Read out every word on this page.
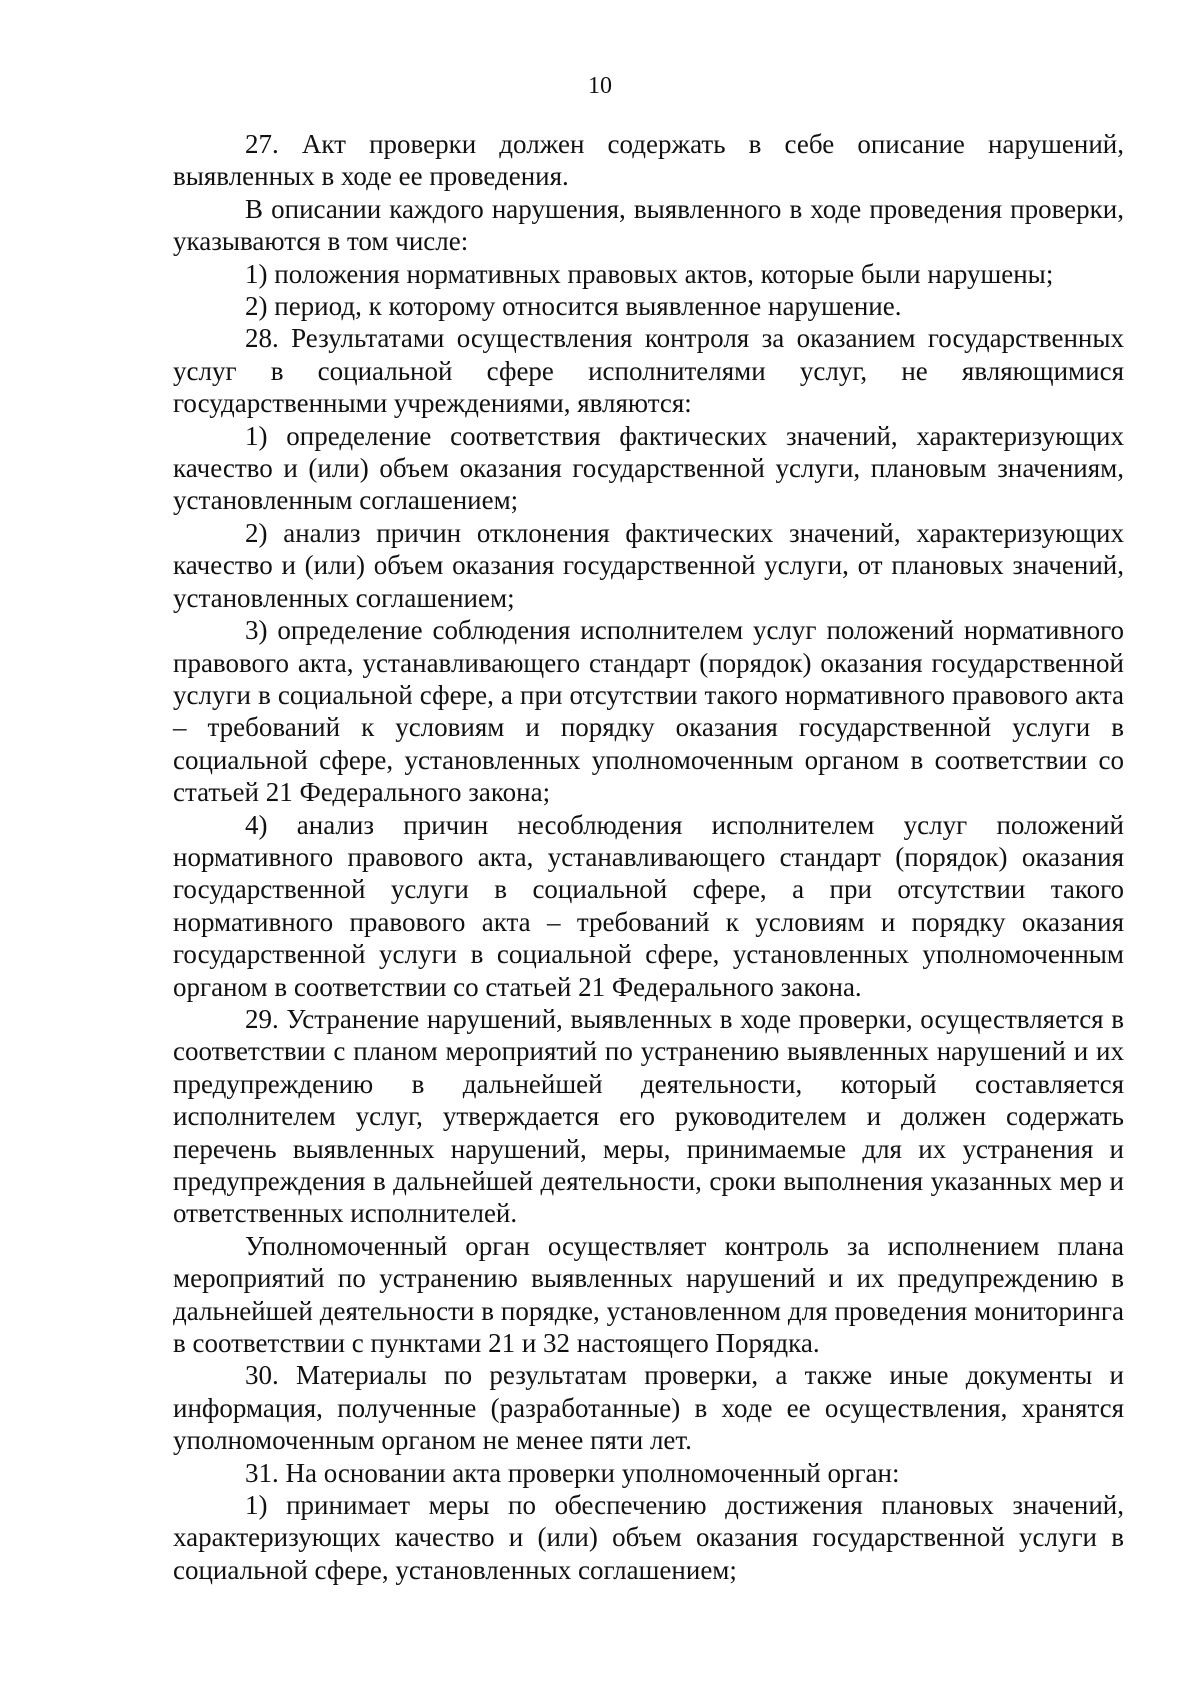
10

27. Акт проверки должен содержать в себе описание нарушений, выявленных в ходе ее проведения.

В описании каждого нарушения, выявленного в ходе проведения проверки, указываются в том числе:

1) положения нормативных правовых актов, которые были нарушены;

2) период, к которому относится выявленное нарушение.

28. Результатами осуществления контроля за оказанием государственных услуг в социальной сфере исполнителями услуг, не являющимися государственными учреждениями, являются:

1) определение соответствия фактических значений, характеризующих качество и (или) объем оказания государственной услуги, плановым значениям, установленным соглашением;

2) анализ причин отклонения фактических значений, характеризующих качество и (или) объем оказания государственной услуги, от плановых значений, установленных соглашением;

3) определение соблюдения исполнителем услуг положений нормативного правового акта, устанавливающего стандарт (порядок) оказания государственной услуги в социальной сфере, а при отсутствии такого нормативного правового акта – требований к условиям и порядку оказания государственной услуги в социальной сфере, установленных уполномоченным органом в соответствии со статьей 21 Федерального закона;

4) анализ причин несоблюдения исполнителем услуг положений нормативного правового акта, устанавливающего стандарт (порядок) оказания государственной услуги в социальной сфере, а при отсутствии такого нормативного правового акта – требований к условиям и порядку оказания государственной услуги в социальной сфере, установленных уполномоченным органом в соответствии со статьей 21 Федерального закона.

29. Устранение нарушений, выявленных в ходе проверки, осуществляется в соответствии с планом мероприятий по устранению выявленных нарушений и их предупреждению в дальнейшей деятельности, который составляется исполнителем услуг, утверждается его руководителем и должен содержать перечень выявленных нарушений, меры, принимаемые для их устранения и предупреждения в дальнейшей деятельности, сроки выполнения указанных мер и ответственных исполнителей.

Уполномоченный орган осуществляет контроль за исполнением плана мероприятий по устранению выявленных нарушений и их предупреждению в дальнейшей деятельности в порядке, установленном для проведения мониторинга в соответствии с пунктами 21 и 32 настоящего Порядка.

30. Материалы по результатам проверки, а также иные документы и информация, полученные (разработанные) в ходе ее осуществления, хранятся уполномоченным органом не менее пяти лет.

31. На основании акта проверки уполномоченный орган:

1) принимает меры по обеспечению достижения плановых значений, характеризующих качество и (или) объем оказания государственной услуги в социальной сфере, установленных соглашением;
